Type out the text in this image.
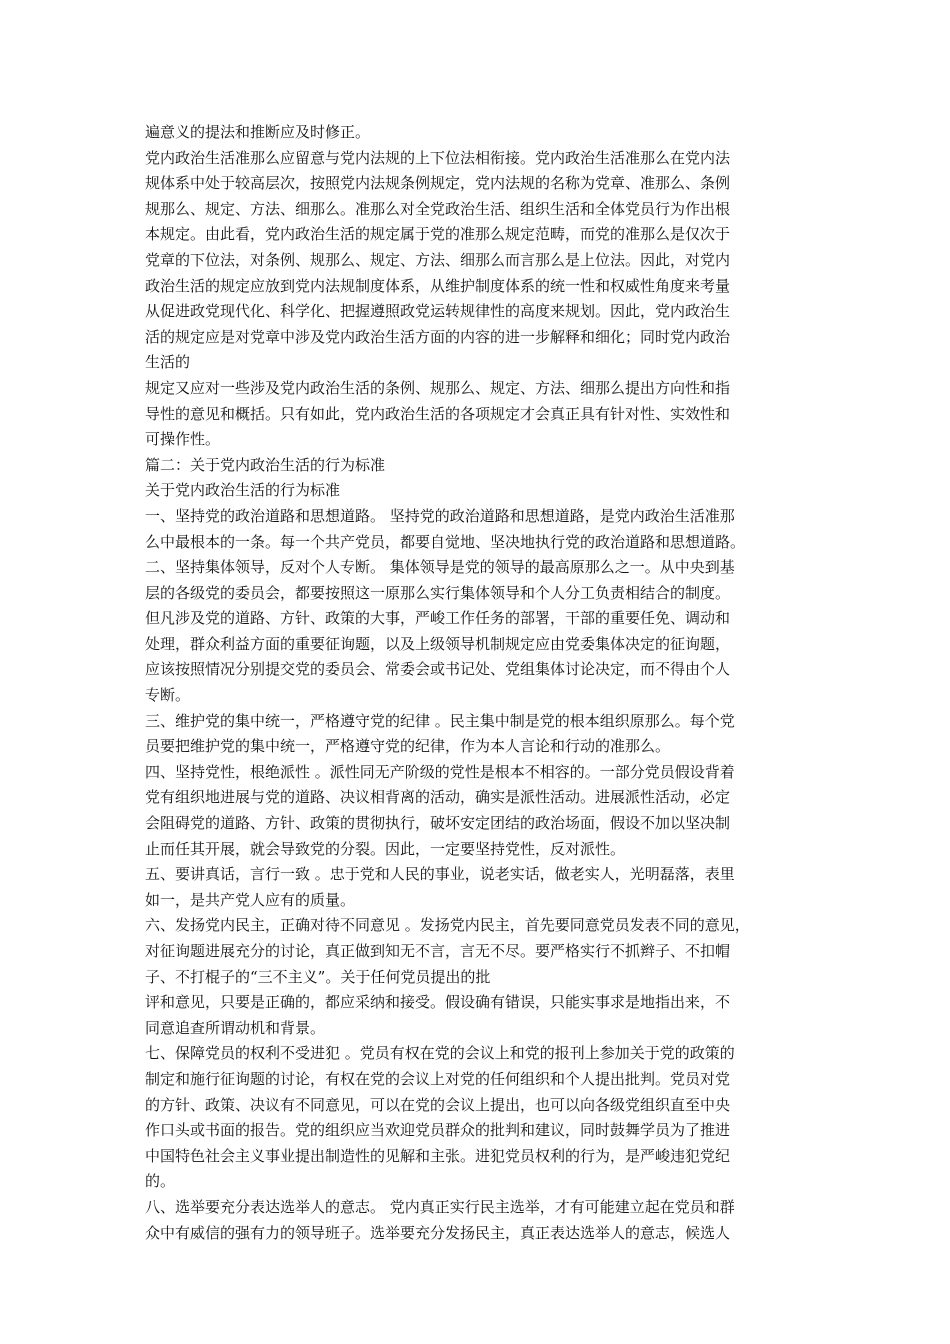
遍意义的提法和推断应及时修正。
党内政治生活准那么应留意与党内法规的上下位法相衔接。党内政治生活准那么在党内法
规体系中处于较高层次，按照党内法规条例规定，党内法规的名称为党章、准那么、条例
规那么、规定、方法、细那么。准那么对全党政治生活、组织生活和全体党员行为作出根
本规定。由此看，党内政治生活的规定属于党的准那么规定范畴，而党的准那么是仅次于
党章的下位法，对条例、规那么、规定、方法、细那么而言那么是上位法。因此，对党内
政治生活的规定应放到党内法规制度体系，从维护制度体系的统一性和权威性角度来考量
从促进政党现代化、科学化、把握遵照政党运转规律性的高度来规划。因此，党内政治生
活的规定应是对党章中涉及党内政治生活方面的内容的进一步解释和细化；同时党内政治
生活的
规定又应对一些涉及党内政治生活的条例、规那么、规定、方法、细那么提出方向性和指
导性的意见和概括。只有如此，党内政治生活的各项规定才会真正具有针对性、实效性和
可操作性。
篇二：关于党内政治生活的行为标准
关于党内政治生活的行为标准
一、坚持党的政治道路和思想道路。 坚持党的政治道路和思想道路，是党内政治生活准那
么中最根本的一条。每一个共产党员，都要自觉地、坚决地执行党的政治道路和思想道路。
二、坚持集体领导，反对个人专断。 集体领导是党的领导的最高原那么之一。从中央到基
层的各级党的委员会，都要按照这一原那么实行集体领导和个人分工负责相结合的制度。
但凡涉及党的道路、方针、政策的大事，严峻工作任务的部署，干部的重要任免、调动和
处理，群众利益方面的重要征询题，以及上级领导机制规定应由党委集体决定的征询题，
应该按照情况分别提交党的委员会、常委会或书记处、党组集体讨论决定，而不得由个人
专断。
三、维护党的集中统一，严格遵守党的纪律 。民主集中制是党的根本组织原那么。每个党
员要把维护党的集中统一，严格遵守党的纪律，作为本人言论和行动的准那么。
四、坚持党性，根绝派性 。派性同无产阶级的党性是根本不相容的。一部分党员假设背着
党有组织地进展与党的道路、决议相背离的活动，确实是派性活动。进展派性活动，必定
会阻碍党的道路、方针、政策的贯彻执行，破坏安定团结的政治场面，假设不加以坚决制
止而任其开展，就会导致党的分裂。因此，一定要坚持党性，反对派性。
五、要讲真话，言行一致 。忠于党和人民的事业，说老实话，做老实人，光明磊落，表里
如一，是共产党人应有的质量。
六、发扬党内民主，正确对待不同意见 。发扬党内民主，首先要同意党员发表不同的意见，
对征询题进展充分的讨论，真正做到知无不言，言无不尽。要严格实行不抓辫子、不扣帽
子、不打棍子的“三不主义”。关于任何党员提出的批
评和意见，只要是正确的，都应采纳和接受。假设确有错误，只能实事求是地指出来，不
同意追查所谓动机和背景。
七、保障党员的权利不受进犯 。党员有权在党的会议上和党的报刊上参加关于党的政策的
制定和施行征询题的讨论，有权在党的会议上对党的任何组织和个人提出批判。党员对党
的方针、政策、决议有不同意见，可以在党的会议上提出，也可以向各级党组织直至中央
作口头或书面的报告。党的组织应当欢迎党员群众的批判和建议，同时鼓舞学员为了推进
中国特色社会主义事业提出制造性的见解和主张。进犯党员权利的行为，是严峻违犯党纪
的。
八、选举要充分表达选举人的意志。 党内真正实行民主选举，才有可能建立起在党员和群
众中有威信的强有力的领导班子。选举要充分发扬民主，真正表达选举人的意志，候选人
